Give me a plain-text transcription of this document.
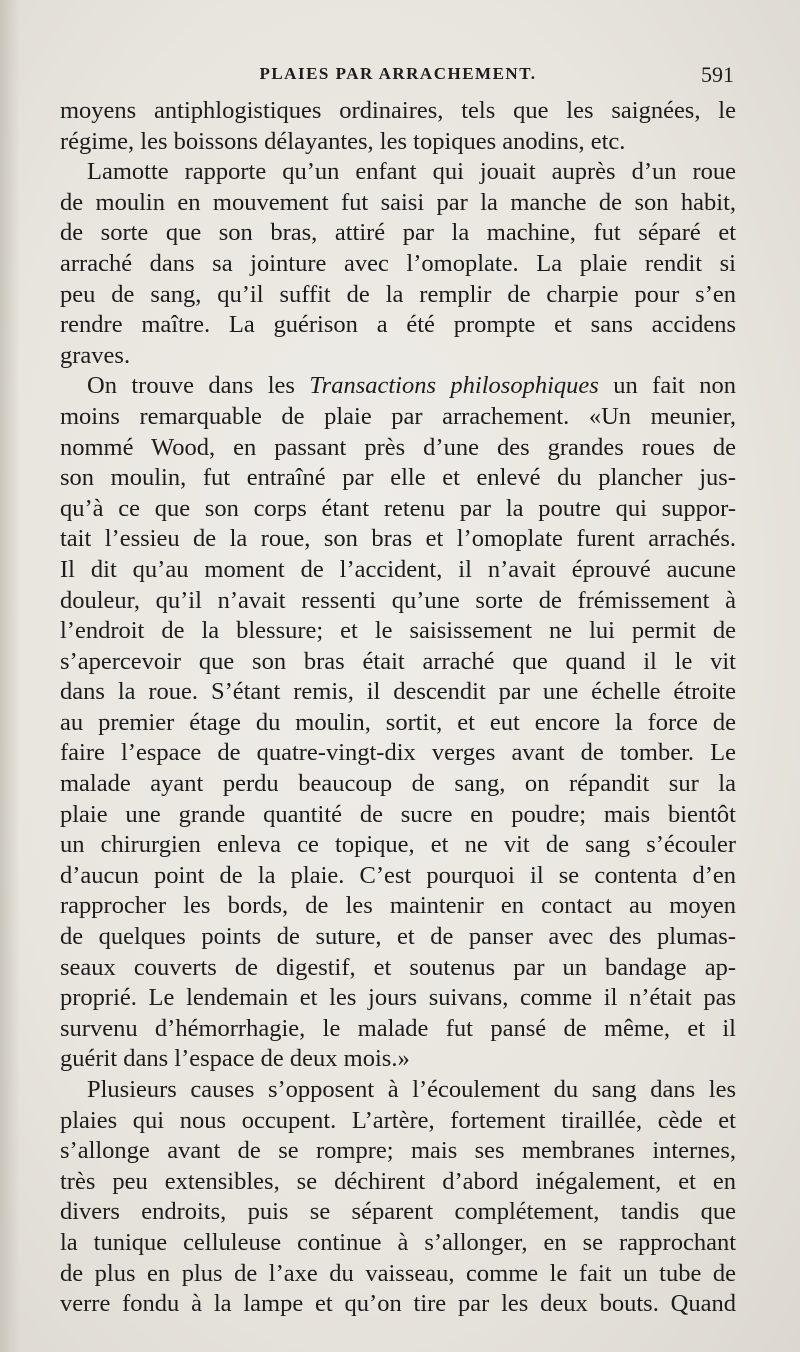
PLAIES PAR ARRACHEMENT.	591
moyens antiphlogistiques ordinaires, tels que les saignées, le
régime, les boissons délayantes, les topiques anodins, etc.
Lamotte rapporte qu’un enfant qui jouait auprès d’un roue
de moulin en mouvement fut saisi par la manche de son habit,
de sorte que son bras, attiré par la machine, fut séparé et
arraché dans sa jointure avec l’omoplate. La plaie rendit si
peu de sang, qu’il suffit de la remplir de charpie pour s’en
rendre maître. La guérison a été prompte et sans accidens
graves.
On trouve dans les Transactions philosophiques un fait non
moins remarquable de plaie par arrachement. «Un meunier,
nommé Wood, en passant près d’une des grandes roues de
son moulin, fut entraîné par elle et enlevé du plancher jus-
qu’à ce que son corps étant retenu par la poutre qui suppor-
tait l’essieu de la roue, son bras et l’omoplate furent arrachés.
Il dit qu’au moment de l’accident, il n’avait éprouvé aucune
douleur, qu’il n’avait ressenti qu’une sorte de frémissement à
l’endroit de la blessure; et le saisissement ne lui permit de
s’apercevoir que son bras était arraché que quand il le vit
dans la roue. S’étant remis, il descendit par une échelle étroite
au premier étage du moulin, sortit, et eut encore la force de
faire l’espace de quatre-vingt-dix verges avant de tomber. Le
malade ayant perdu beaucoup de sang, on répandit sur la
plaie une grande quantité de sucre en poudre; mais bientôt
un chirurgien enleva ce topique, et ne vit de sang s’écouler
d’aucun point de la plaie. C’est pourquoi il se contenta d’en
rapprocher les bords, de les maintenir en contact au moyen
de quelques points de suture, et de panser avec des plumas-
seaux couverts de digestif, et soutenus par un bandage ap-
proprié. Le lendemain et les jours suivans, comme il n’était pas
survenu d’hémorrhagie, le malade fut pansé de même, et il
guérit dans l’espace de deux mois.»
Plusieurs causes s’opposent à l’écoulement du sang dans les
plaies qui nous occupent. L’artère, fortement tiraillée, cède et
s’allonge avant de se rompre; mais ses membranes internes,
très peu extensibles, se déchirent d’abord inégalement, et en
divers endroits, puis se séparent complétement, tandis que
la tunique celluleuse continue à s’allonger, en se rapprochant
de plus en plus de l’axe du vaisseau, comme le fait un tube de
verre fondu à la lampe et qu’on tire par les deux bouts. Quand
